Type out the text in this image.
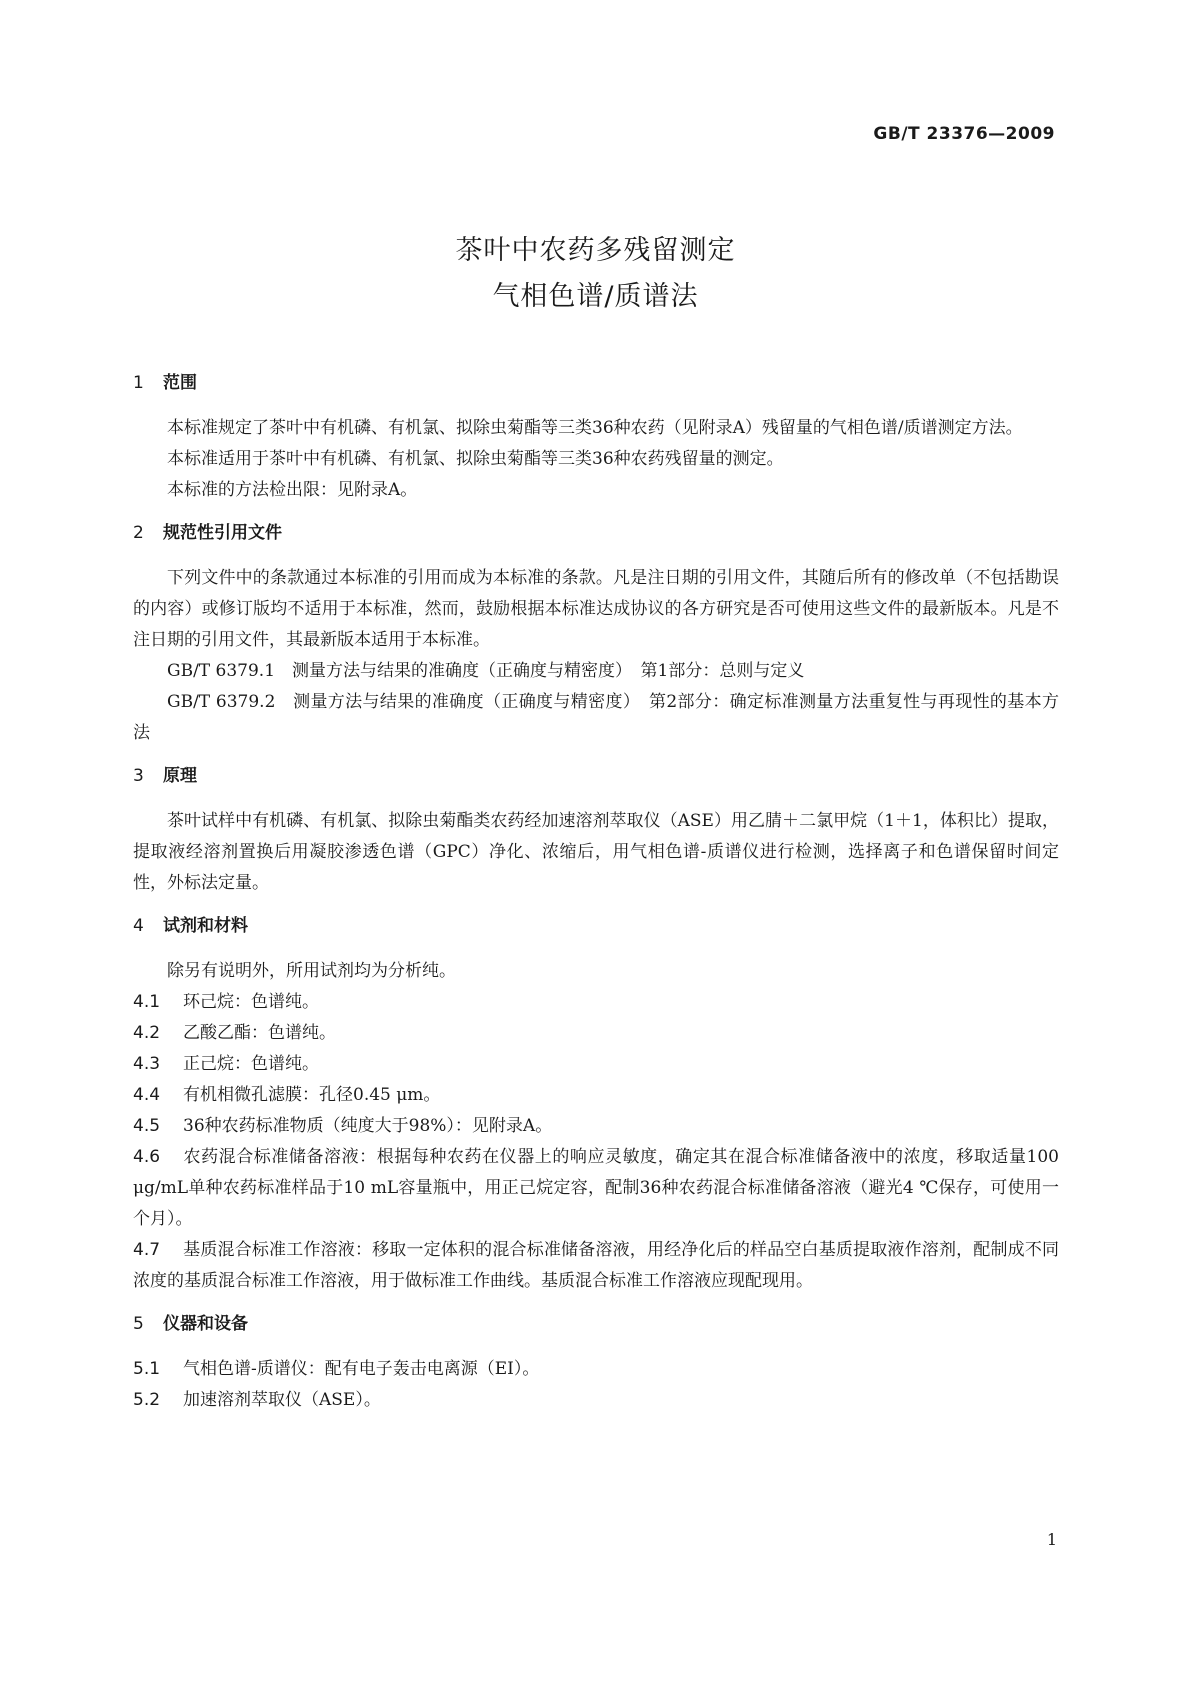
GB/T 23376—2009
茶叶中农药多残留测定
气相色谱/质谱法

1 范围

本标准规定了茶叶中有机磷、有机氯、拟除虫菊酯等三类36种农药（见附录A）残留量的气相色谱/质谱测定方法。

本标准适用于茶叶中有机磷、有机氯、拟除虫菊酯等三类36种农药残留量的测定。

本标准的方法检出限：见附录A。

2 规范性引用文件

下列文件中的条款通过本标准的引用而成为本标准的条款。凡是注日期的引用文件，其随后所有的修改单（不包括勘误的内容）或修订版均不适用于本标准，然而，鼓励根据本标准达成协议的各方研究是否可使用这些文件的最新版本。凡是不注日期的引用文件，其最新版本适用于本标准。

GB/T 6379.1　测量方法与结果的准确度（正确度与精密度）　第1部分：总则与定义

GB/T 6379.2　测量方法与结果的准确度（正确度与精密度）　第2部分：确定标准测量方法重复性与再现性的基本方法

3 原理

茶叶试样中有机磷、有机氯、拟除虫菊酯类农药经加速溶剂萃取仪（ASE）用乙腈＋二氯甲烷（1＋1，体积比）提取，提取液经溶剂置换后用凝胶渗透色谱（GPC）净化、浓缩后，用气相色谱-质谱仪进行检测，选择离子和色谱保留时间定性，外标法定量。

4 试剂和材料

除另有说明外，所用试剂均为分析纯。

4.1 环己烷：色谱纯。

4.2 乙酸乙酯：色谱纯。

4.3 正己烷：色谱纯。

4.4 有机相微孔滤膜：孔径0.45 μm。

4.5 36种农药标准物质（纯度大于98%）：见附录A。

4.6 农药混合标准储备溶液：根据每种农药在仪器上的响应灵敏度，确定其在混合标准储备液中的浓度，移取适量100 μg/mL单种农药标准样品于10 mL容量瓶中，用正己烷定容，配制36种农药混合标准储备溶液（避光4 ℃保存，可使用一个月）。

4.7 基质混合标准工作溶液：移取一定体积的混合标准储备溶液，用经净化后的样品空白基质提取液作溶剂，配制成不同浓度的基质混合标准工作溶液，用于做标准工作曲线。基质混合标准工作溶液应现配现用。

5 仪器和设备

5.1 气相色谱-质谱仪：配有电子轰击电离源（EI）。

5.2 加速溶剂萃取仪（ASE）。

1
